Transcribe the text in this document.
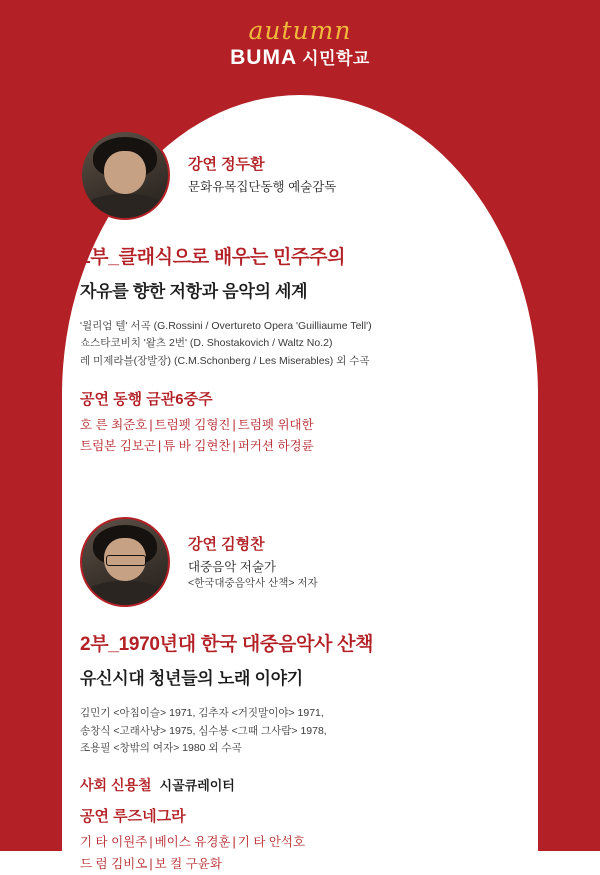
autumn
BUMA 시민학교
강연 정두환
문화유목집단동행 예술감독
1부_클래식으로 배우는 민주주의
자유를 향한 저항과 음악의 세계
'윌리엄 텔' 서곡 (G.Rossini / Overtureto Opera 'Guilliaume Tell')
쇼스타코비치 '왈츠 2번' (D. Shostakovich / Waltz No.2)
레 미제라블(장발장) (C.M.Schonberg / Les Miserables) 외 수곡
공연 동행 금관6중주
호 른 최준호 | 트럼펫 김형진 | 트럼펫 위대한
트럼본 김보곤 | 튜 바 김현찬 | 퍼커션 하경륜
강연 김형찬
대중음악 저술가
<한국대중음악사 산책> 저자
2부_1970년대 한국 대중음악사 산책
유신시대 청년들의 노래 이야기
김민기 <아침이슬> 1971, 김추자 <거짓말이야> 1971,
송창식 <고래사냥> 1975, 심수봉 <그때 그사람> 1978,
조용필 <창밖의 여자> 1980 외 수곡
사회 신용철 시골큐레이터
공연 루즈네그라
기 타 이원주 | 베이스 유경훈 | 기 타 안석호
드 럼 김비오 | 보 컬 구윤화
